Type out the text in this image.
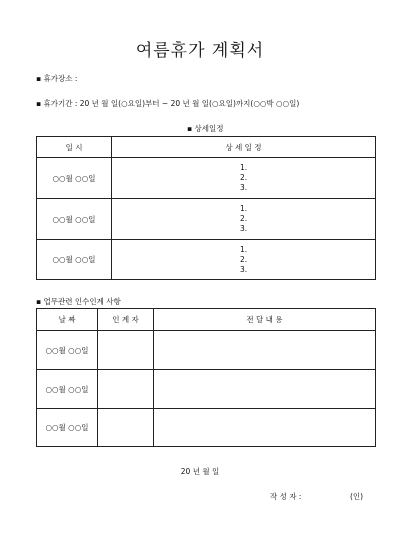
여름휴가 계획서
▪ 휴가장소 :
▪ 휴가기간 : 20 년 월 일(○요일)부터 ~ 20 년 월 일(○요일)까지(○○박 ○○일)
▪ 상세일정
일 시	상 세 일 정
○○월 ○○일	1.
2.
3.

○○월 ○○일	1.
2.
3.

○○월 ○○일	1.
2.
3.
▪ 업무관련 인수인계 사항
날 짜	인 계 자	전 달 내 용
○○월 ○○일		
○○월 ○○일		
○○월 ○○일		
20 년 월 일
작 성 자 :	(인)
